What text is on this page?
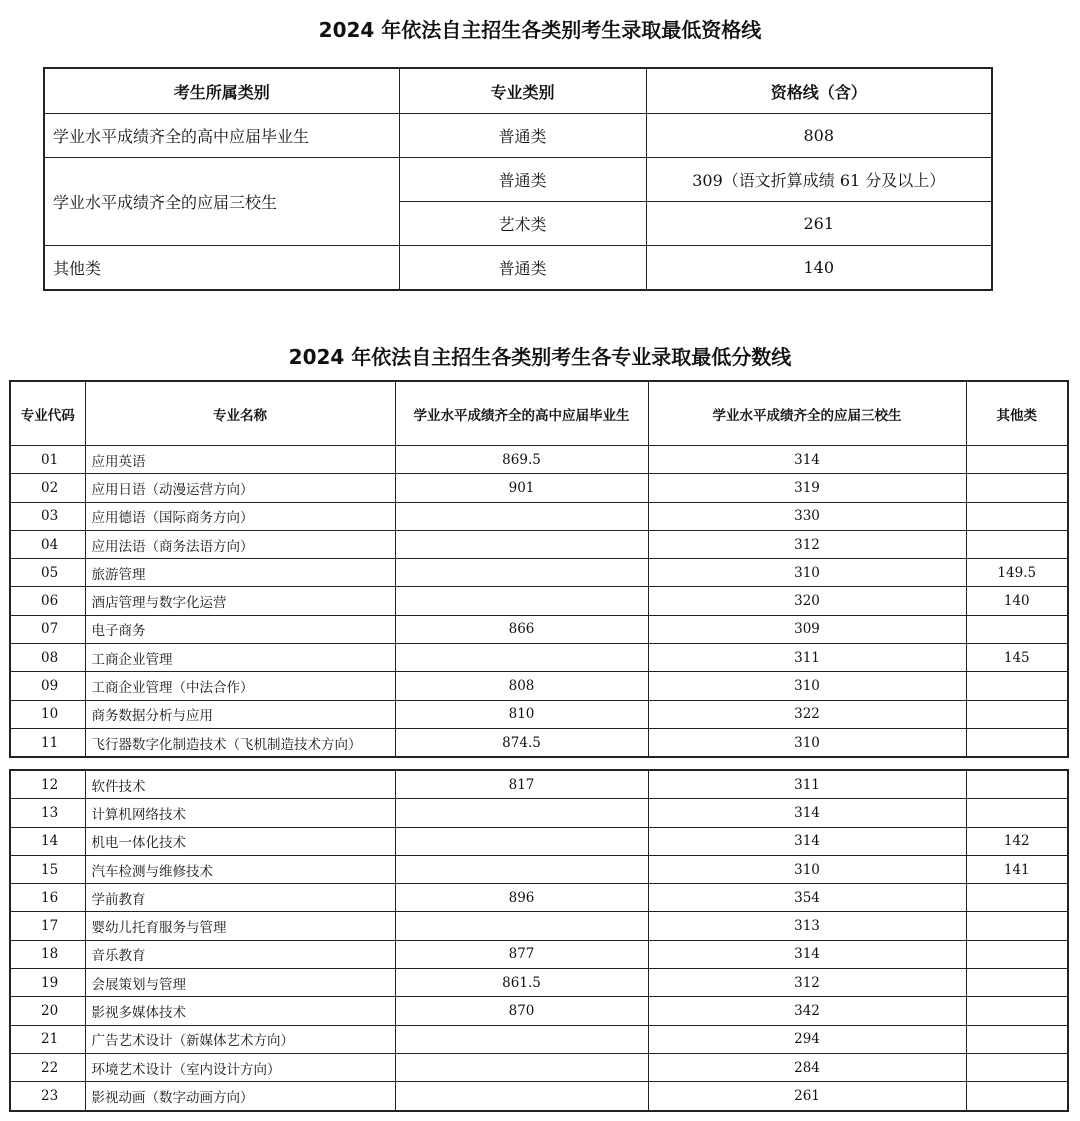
2024 年依法自主招生各类别考生录取最低资格线
考生所属类别	专业类别	资格线（含）
学业水平成绩齐全的高中应届毕业生	普通类	808
学业水平成绩齐全的应届三校生	普通类	309（语文折算成绩 61 分及以上）
	艺术类	261
其他类	普通类	140
2024 年依法自主招生各类别考生各专业录取最低分数线
专业代码	专业名称	学业水平成绩齐全的高中应届毕业生	学业水平成绩齐全的应届三校生	其他类
01	应用英语	869.5	314	
02	应用日语（动漫运营方向）	901	319	
03	应用德语（国际商务方向）		330	
04	应用法语（商务法语方向）		312	
05	旅游管理		310	149.5
06	酒店管理与数字化运营		320	140
07	电子商务	866	309	
08	工商企业管理		311	145
09	工商企业管理（中法合作）	808	310	
10	商务数据分析与应用	810	322	
11	飞行器数字化制造技术（飞机制造技术方向）	874.5	310	
12	软件技术	817	311	
13	计算机网络技术		314	
14	机电一体化技术		314	142
15	汽车检测与维修技术		310	141
16	学前教育	896	354	
17	婴幼儿托育服务与管理		313	
18	音乐教育	877	314	
19	会展策划与管理	861.5	312	
20	影视多媒体技术	870	342	
21	广告艺术设计（新媒体艺术方向）		294	
22	环境艺术设计（室内设计方向）		284	
23	影视动画（数字动画方向）		261	
